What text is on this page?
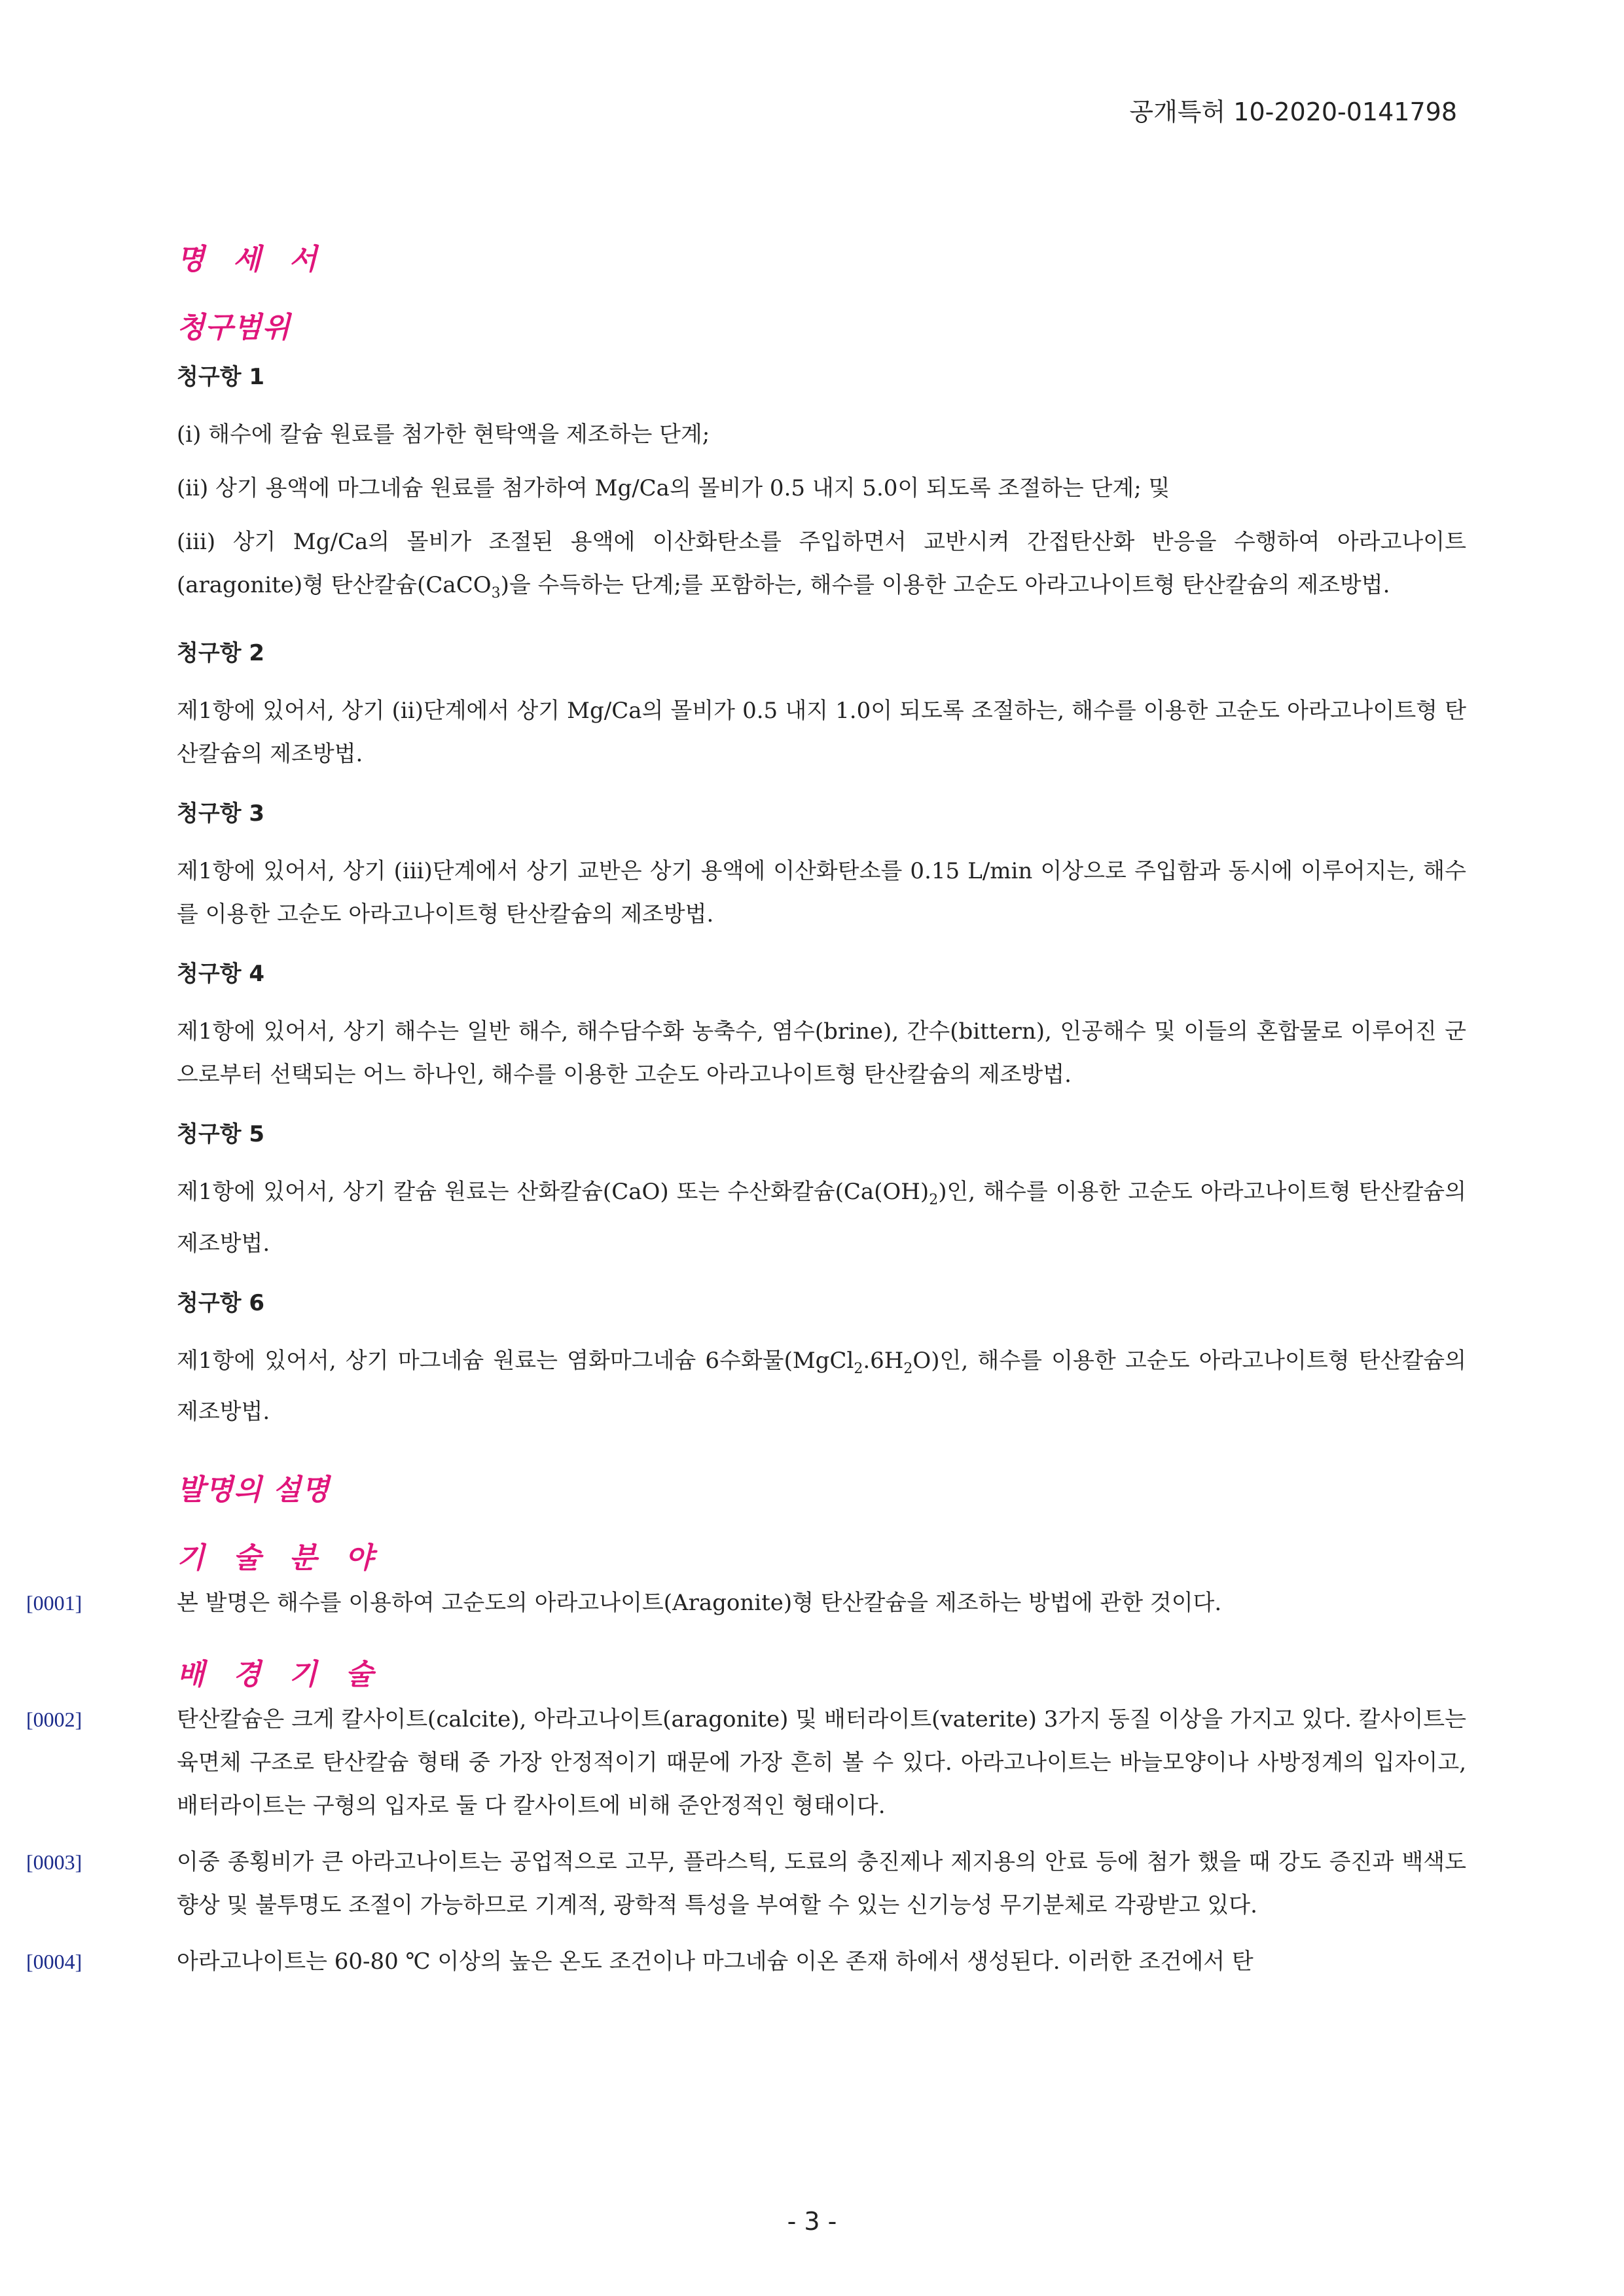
공개특허 10-2020-0141798
명 세 서
청구범위

청구항 1

(i) 해수에 칼슘 원료를 첨가한 현탁액을 제조하는 단계;

(ii) 상기 용액에 마그네슘 원료를 첨가하여 Mg/Ca의 몰비가 0.5 내지 5.0이 되도록 조절하는 단계; 및

(iii) 상기 Mg/Ca의 몰비가 조절된 용액에 이산화탄소를 주입하면서 교반시켜 간접탄산화 반응을 수행하여 아라고나이트(aragonite)형 탄산칼슘(CaCO$_3$)을 수득하는 단계;를 포함하는, 해수를 이용한 고순도 아라고나이트형 탄산칼슘의 제조방법.

청구항 2

제1항에 있어서, 상기 (ii)단계에서 상기 Mg/Ca의 몰비가 0.5 내지 1.0이 되도록 조절하는, 해수를 이용한 고순도 아라고나이트형 탄산칼슘의 제조방법.

청구항 3

제1항에 있어서, 상기 (iii)단계에서 상기 교반은 상기 용액에 이산화탄소를 0.15 L/min 이상으로 주입함과 동시에 이루어지는, 해수를 이용한 고순도 아라고나이트형 탄산칼슘의 제조방법.

청구항 4

제1항에 있어서, 상기 해수는 일반 해수, 해수담수화 농축수, 염수(brine), 간수(bittern), 인공해수 및 이들의 혼합물로 이루어진 군으로부터 선택되는 어느 하나인, 해수를 이용한 고순도 아라고나이트형 탄산칼슘의 제조방법.

청구항 5

제1항에 있어서, 상기 칼슘 원료는 산화칼슘(CaO) 또는 수산화칼슘$(Ca(OH)_2)$인, 해수를 이용한 고순도 아라고나이트형 탄산칼슘의 제조방법.

청구항 6

제1항에 있어서, 상기 마그네슘 원료는 염화마그네슘 6수화물$(MgCl_2.6H_2O)$인, 해수를 이용한 고순도 아라고나이트형 탄산칼슘의 제조방법.

발명의 설명
기 술 분 야
[0001]	본 발명은 해수를 이용하여 고순도의 아라고나이트(Aragonite)형 탄산칼슘을 제조하는 방법에 관한 것이다.

배 경 기 술
[0002]	탄산칼슘은 크게 칼사이트(calcite), 아라고나이트(aragonite) 및 배터라이트(vaterite) 3가지 동질 이상을 가지고 있다. 칼사이트는 육면체 구조로 탄산칼슘 형태 중 가장 안정적이기 때문에 가장 흔히 볼 수 있다. 아라고나이트는 바늘모양이나 사방정계의 입자이고, 배터라이트는 구형의 입자로 둘 다 칼사이트에 비해 준안정적인 형태이다.

[0003]	이중 종횡비가 큰 아라고나이트는 공업적으로 고무, 플라스틱, 도료의 충진제나 제지용의 안료 등에 첨가 했을 때 강도 증진과 백색도 향상 및 불투명도 조절이 가능하므로 기계적, 광학적 특성을 부여할 수 있는 신기능성 무기분체로 각광받고 있다.

[0004]	아라고나이트는 60-80 ℃ 이상의 높은 온도 조건이나 마그네슘 이온 존재 하에서 생성된다. 이러한 조건에서 탄

- 3 -
